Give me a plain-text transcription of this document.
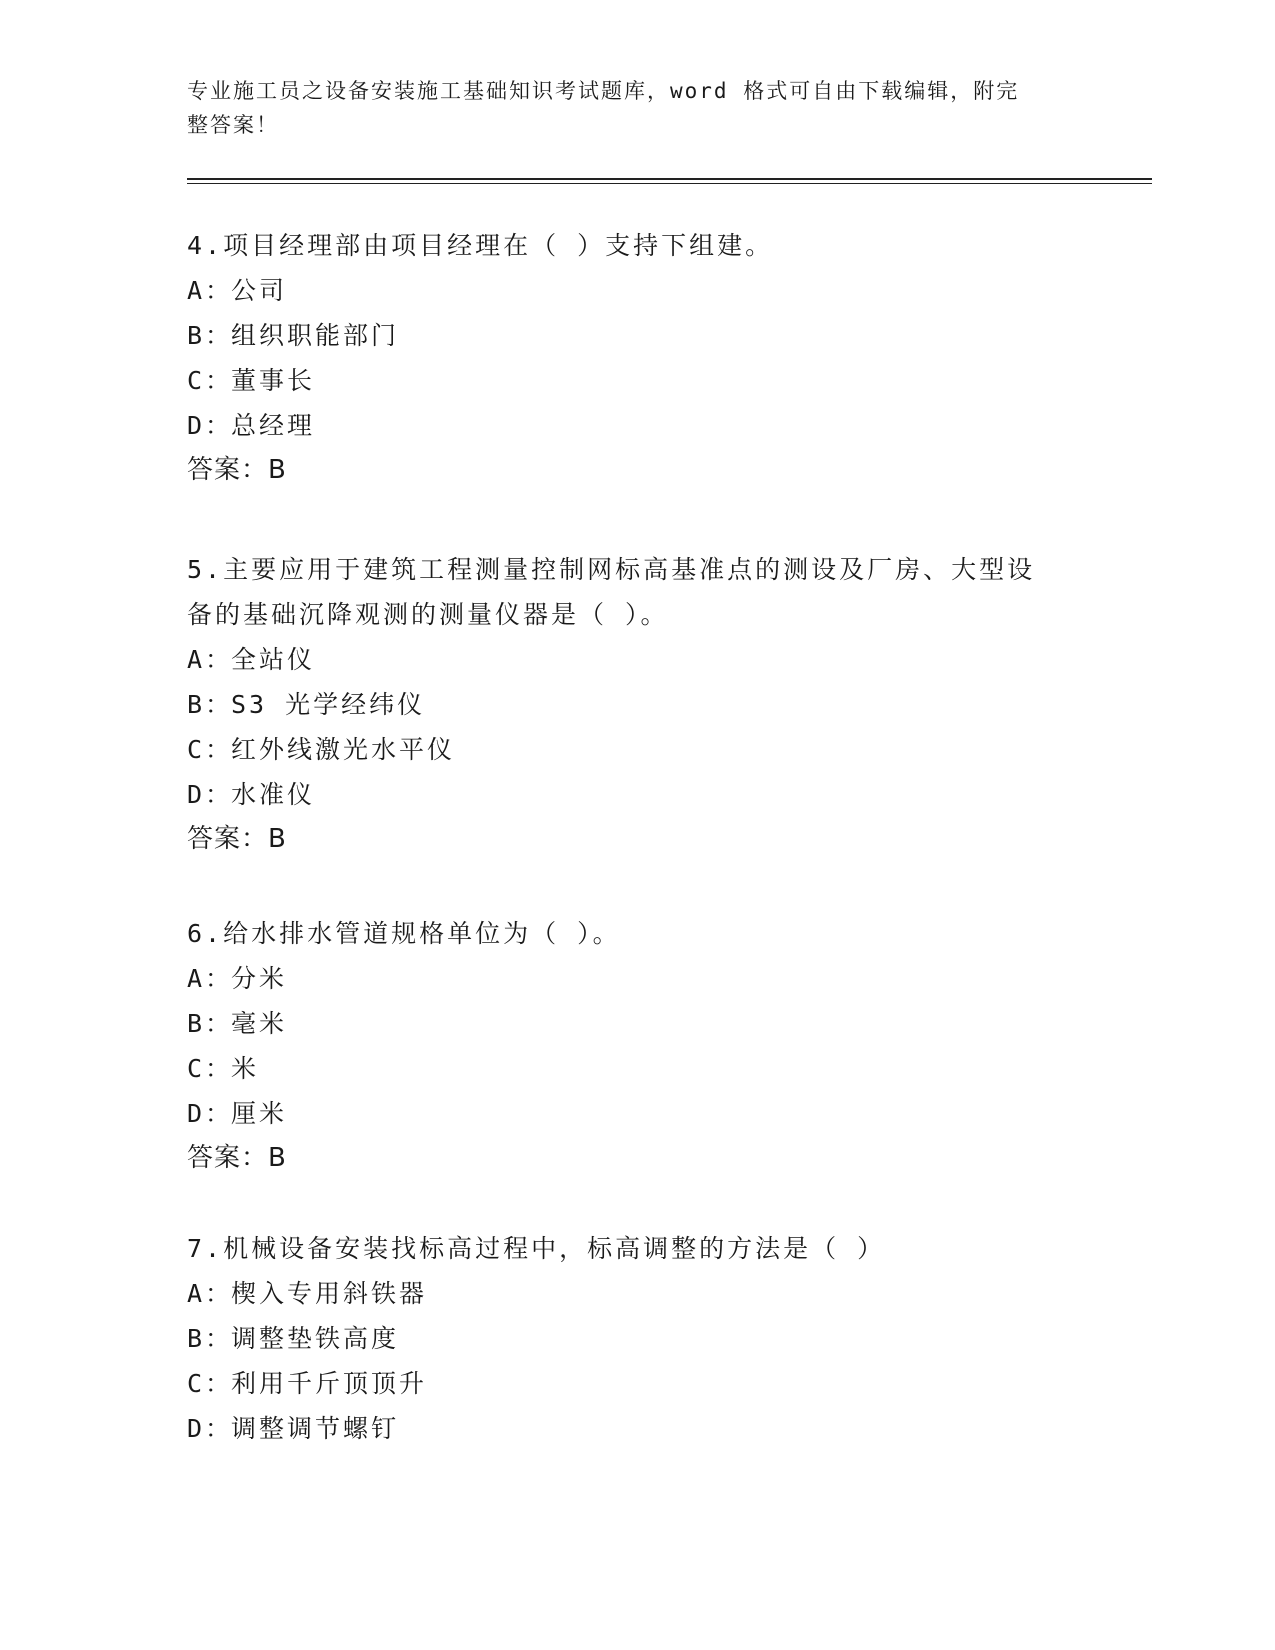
专业施工员之设备安装施工基础知识考试题库，word 格式可自由下载编辑，附完
整答案！
4.项目经理部由项目经理在（ ）支持下组建。
A：
公司
B：
组织职能部门
C：
董事长
D：
总经理
答案：B
5.主要应用于建筑工程测量控制网标高基准点的测设及厂房、大型设
备的基础沉降观测的测量仪器是（ ）。
A：
全站仪
B：
S3 光学经纬仪
C：
红外线激光水平仪
D：
水准仪
答案：B
6.给水排水管道规格单位为（ ）。
A：
分米
B：
毫米
C：
米
D：
厘米
答案：B
7.机械设备安装找标高过程中，标高调整的方法是（ ）
A：
楔入专用斜铁器
B：
调整垫铁高度
C：
利用千斤顶顶升
D：
调整调节螺钉
